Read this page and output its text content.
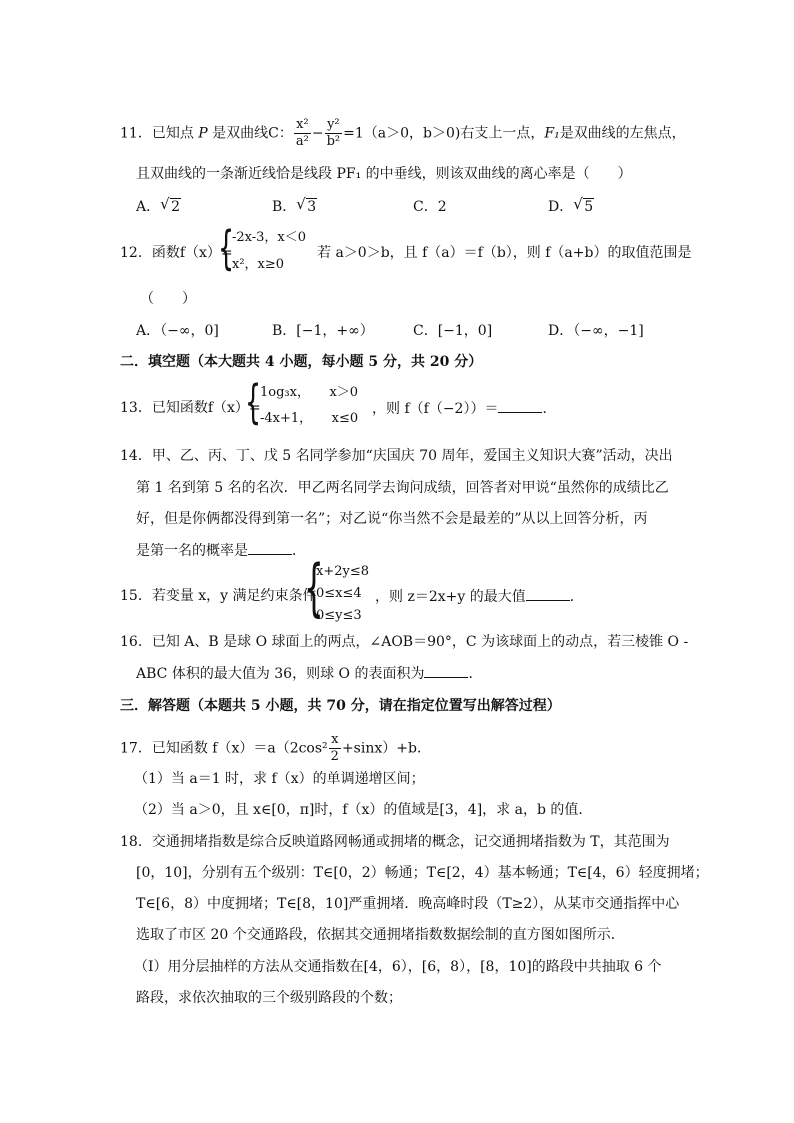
11．已知点 P 是双曲线C： $\frac{\text{x²}}{\text{a²}} - \frac{\text{y²}}{\text{b²}} =1(a>0$，b＞0)右支上一点，F₁是双曲线的左焦点，
且双曲线的一条渐近线恰是线段 PF₁ 的中垂线，则该双曲线的离心率是（　　）
A． √ 2	B． √ 3	C．2	D． √ 5
12．函数f（x）=
{
-2x-3，x＜0
x²，x≥0
若 a＞0＞b，且 f（a）＝f（b），则 f（a+b）的取值范围是
（　　）
A．（−∞，0]	B．[−1，+∞）	C．[−1，0]	D．（−∞，−1]
二．填空题（本大题共 4 小题，每小题 5 分，共 20 分）
13．已知函数f（x）=
{
1og₃x，　　x＞0
-4x+1，　　x≤0
，则 f（f（−2））＝	．
14．甲、乙、丙、丁、戊 5 名同学参加“庆国庆 70 周年，爱国主义知识大赛”活动，决出
第 1 名到第 5 名的名次．甲乙两名同学去询问成绩，回答者对甲说“虽然你的成绩比乙
好，但是你俩都没得到第一名”；对乙说“你当然不会是最差的”从以上回答分析，丙
是第一名的概率是	．
15．若变量 x，y 满足约束条件
{
x+2y≤8
0≤x≤4
0≤y≤3
，则 z＝2x+y 的最大值	．
16．已知 A、B 是球 O 球面上的两点，∠AOB＝90°，C 为该球面上的动点，若三棱锥 O -
ABC 体积的最大值为 36，则球 O 的表面积为	．
三．解答题（本题共 5 小题，共 70 分，请在指定位置写出解答过程）
17．已知函数 $f(x)=a(2\cos^2 \frac{x}{2} +\sin x)+b$．
（1）当 a＝1 时，求 f（x）的单调递增区间；
（2）当 a＞0，且 x∈[0，π]时，f（x）的值域是[3，4]，求 a，b 的值．
18．交通拥堵指数是综合反映道路网畅通或拥堵的概念，记交通拥堵指数为 T，其范围为
[0，10]，分别有五个级别：T∈[0，2）畅通；T∈[2，4）基本畅通；T∈[4，6）轻度拥堵；
T∈[6，8）中度拥堵；T∈[8，10]严重拥堵．晚高峰时段（T≥2），从某市交通指挥中心
选取了市区 20 个交通路段，依据其交通拥堵指数数据绘制的直方图如图所示．
（Ⅰ）用分层抽样的方法从交通指数在[4，6），[6，8），[8，10]的路段中共抽取 6 个
路段，求依次抽取的三个级别路段的个数；
